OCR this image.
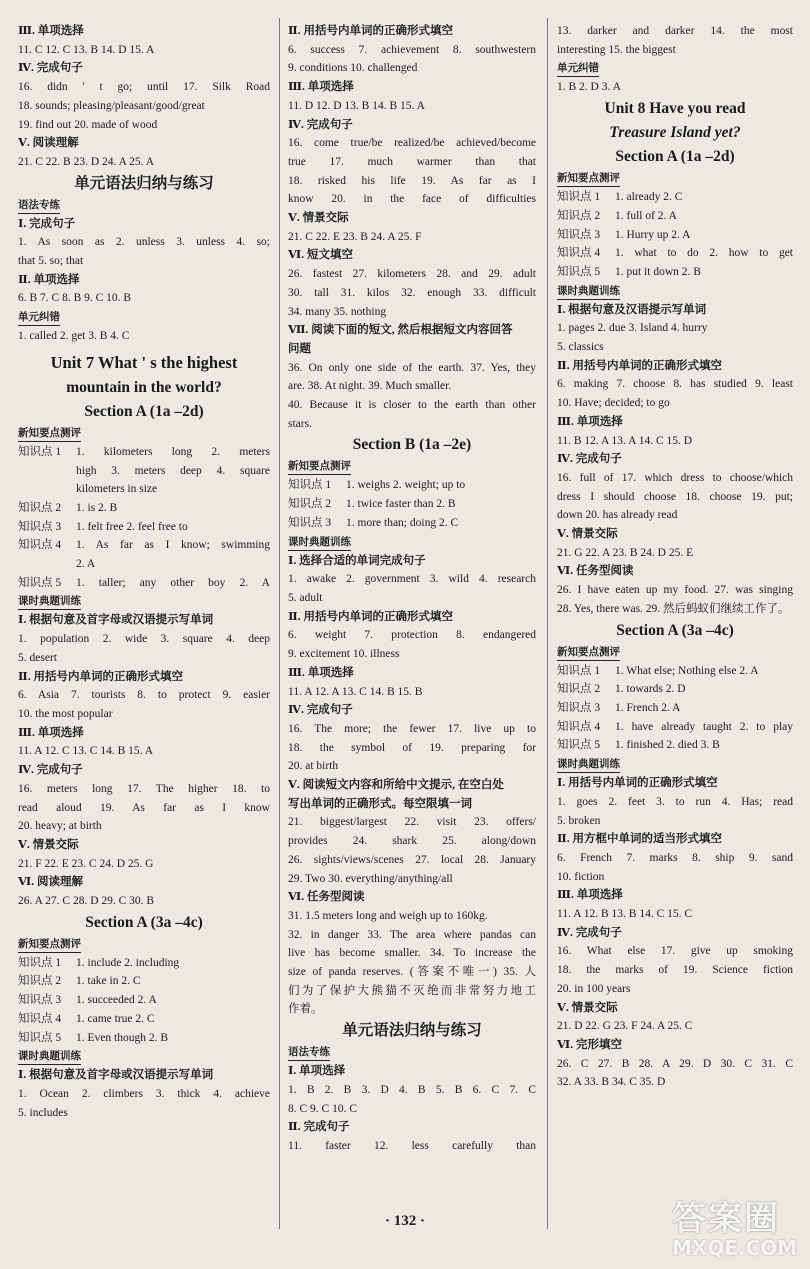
Ⅲ. 单项选择
11. C 12. C 13. B 14. D 15. A
Ⅳ. 完成句子
16. didn ' t go; until 17. Silk Road
18. sounds; pleasing/pleasant/good/great
19. find out 20. made of wood
Ⅴ. 阅读理解
21. C 22. B 23. D 24. A 25. A
单元语法归纳与练习
语法专练
Ⅰ. 完成句子
1. As soon as 2. unless 3. unless 4. so;
that 5. so; that
Ⅱ. 单项选择
6. B 7. C 8. B 9. C 10. B
单元纠错
1. called 2. get 3. B 4. C
Unit 7 What ' s the highest
mountain in the world?
Section A (1a –2d)
新知要点测评
知识点 1	1. kilometers long 2. meters
high 3. meters deep 4. square
kilometers in size
知识点 2	1. is 2. B
知识点 3	1. felt free 2. feel free to
知识点 4	1. As far as I know; swimming
2. A
知识点 5	1. taller; any other boy 2. A
课时典题训练
Ⅰ. 根据句意及首字母或汉语提示写单词
1. population 2. wide 3. square 4. deep
5. desert
Ⅱ. 用括号内单词的正确形式填空
6. Asia 7. tourists 8. to protect 9. easier
10. the most popular
Ⅲ. 单项选择
11. A 12. C 13. C 14. B 15. A
Ⅳ. 完成句子
16. meters long 17. The higher 18. to
read aloud 19. As far as I know
20. heavy; at birth
Ⅴ. 情景交际
21. F 22. E 23. C 24. D 25. G
Ⅵ. 阅读理解
26. A 27. C 28. D 29. C 30. B
Section A (3a –4c)
新知要点测评
知识点 1	1. include 2. including
知识点 2	1. take in 2. C
知识点 3	1. succeeded 2. A
知识点 4	1. came true 2. C
知识点 5	1. Even though 2. B
课时典题训练
Ⅰ. 根据句意及首字母或汉语提示写单词
1. Ocean 2. climbers 3. thick 4. achieve
5. includes
Ⅱ. 用括号内单词的正确形式填空
6. success 7. achievement 8. southwestern
9. conditions 10. challenged
Ⅲ. 单项选择
11. D 12. D 13. B 14. B 15. A
Ⅳ. 完成句子
16. come true/be realized/be achieved/become
true 17. much warmer than that
18. risked his life 19. As far as I
know 20. in the face of difficulties
Ⅴ. 情景交际
21. C 22. E 23. B 24. A 25. F
Ⅵ. 短文填空
26. fastest 27. kilometers 28. and 29. adult
30. tall 31. kilos 32. enough 33. difficult
34. many 35. nothing
Ⅶ. 阅读下面的短文, 然后根据短文内容回答
问题
36. On only one side of the earth. 37. Yes, they
are. 38. At night. 39. Much smaller.
40. Because it is closer to the earth than other
stars.
Section B (1a –2e)
新知要点测评
知识点 1	1. weighs 2. weight; up to
知识点 2	1. twice faster than 2. B
知识点 3	1. more than; doing 2. C
课时典题训练
Ⅰ. 选择合适的单词完成句子
1. awake 2. government 3. wild 4. research
5. adult
Ⅱ. 用括号内单词的正确形式填空
6. weight 7. protection 8. endangered
9. excitement 10. illness
Ⅲ. 单项选择
11. A 12. A 13. C 14. B 15. B
Ⅳ. 完成句子
16. The more; the fewer 17. live up to
18. the symbol of 19. preparing for
20. at birth
Ⅴ. 阅读短文内容和所给中文提示, 在空白处
写出单词的正确形式。每空限填一词
21. biggest/largest 22. visit 23. offers/
provides 24. shark 25. along/down
26. sights/views/scenes 27. local 28. January
29. Two 30. everything/anything/all
Ⅵ. 任务型阅读
31. 1.5 meters long and weigh up to 160kg.
32. in danger 33. The area where pandas can
live has become smaller. 34. To increase the
size of panda reserves. (答案不唯一) 35. 人
们为了保护大熊猫不灭绝而非常努力地工
作着。
单元语法归纳与练习
语法专练
Ⅰ. 单项选择
1. B 2. B 3. D 4. B 5. B 6. C 7. C
8. C 9. C 10. C
Ⅱ. 完成句子
11. faster 12. less carefully than
13. darker and darker 14. the most
interesting 15. the biggest
单元纠错
1. B 2. D 3. A
Unit 8 Have you read
Treasure Island yet?
Section A (1a –2d)
新知要点测评
知识点 1	1. already 2. C
知识点 2	1. full of 2. A
知识点 3	1. Hurry up 2. A
知识点 4	1. what to do 2. how to get
知识点 5	1. put it down 2. B
课时典题训练
Ⅰ. 根据句意及汉语提示写单词
1. pages 2. due 3. Island 4. hurry
5. classics
Ⅱ. 用括号内单词的正确形式填空
6. making 7. choose 8. has studied 9. least
10. Have; decided; to go
Ⅲ. 单项选择
11. B 12. A 13. A 14. C 15. D
Ⅳ. 完成句子
16. full of 17. which dress to choose/which
dress I should choose 18. choose 19. put;
down 20. has already read
Ⅴ. 情景交际
21. G 22. A 23. B 24. D 25. E
Ⅵ. 任务型阅读
26. I have eaten up my food. 27. was singing
28. Yes, there was. 29. 然后蚂蚁们继续工作了。
Section A (3a –4c)
新知要点测评
知识点 1	1. What else; Nothing else 2. A
知识点 2	1. towards 2. D
知识点 3	1. French 2. A
知识点 4	1. have already taught 2. to play
知识点 5	1. finished 2. died 3. B
课时典题训练
Ⅰ. 用括号内单词的正确形式填空
1. goes 2. feet 3. to run 4. Has; read
5. broken
Ⅱ. 用方框中单词的适当形式填空
6. French 7. marks 8. ship 9. sand
10. fiction
Ⅲ. 单项选择
11. A 12. B 13. B 14. C 15. C
Ⅳ. 完成句子
16. What else 17. give up smoking
18. the marks of 19. Science fiction
20. in 100 years
Ⅴ. 情景交际
21. D 22. G 23. F 24. A 25. C
Ⅵ. 完形填空
26. C 27. B 28. A 29. D 30. C 31. C
32. A 33. B 34. C 35. D
· 132 ·	答案圈
MXQE.COM
